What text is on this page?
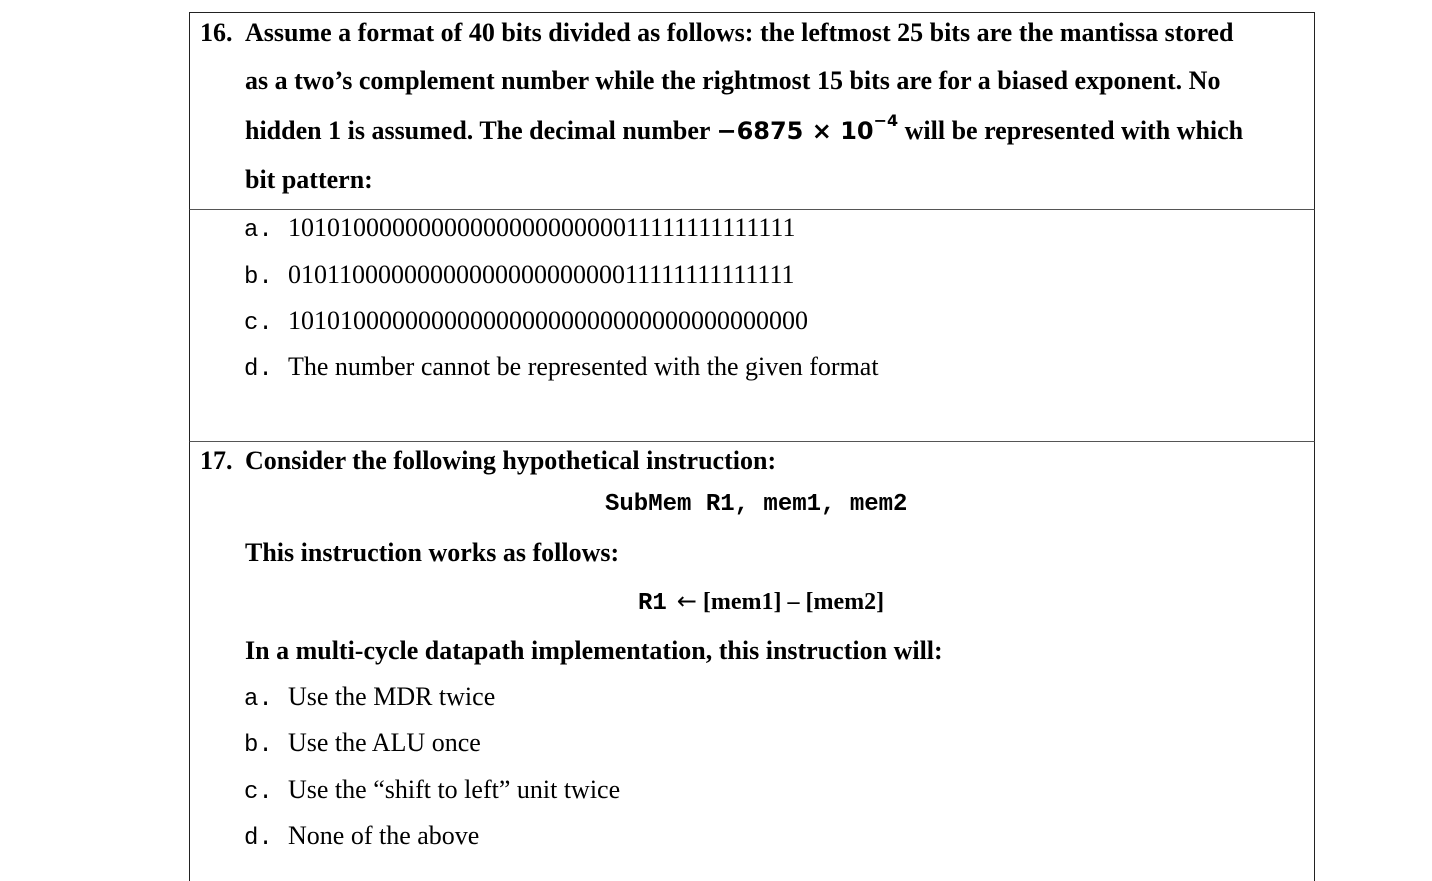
16. Assume a format of 40 bits divided as follows: the leftmost 25 bits are the mantissa stored
as a two’s complement number while the rightmost 15 bits are for a biased exponent. No
hidden 1 is assumed. The decimal number $-6875 \times 10^{-4}$ will be represented with which
bit pattern:
a. 1010100000000000000000000011111111111111
b. 0101100000000000000000000011111111111111
c. 1010100000000000000000000000000000000000
d. The number cannot be represented with the given format
17. Consider the following hypothetical instruction:
SubMem R1, mem1, mem2
This instruction works as follows:
R1 ← [mem1] – [mem2]
In a multi-cycle datapath implementation, this instruction will:
a. Use the MDR twice
b. Use the ALU once
c. Use the “shift to left” unit twice
d. None of the above
